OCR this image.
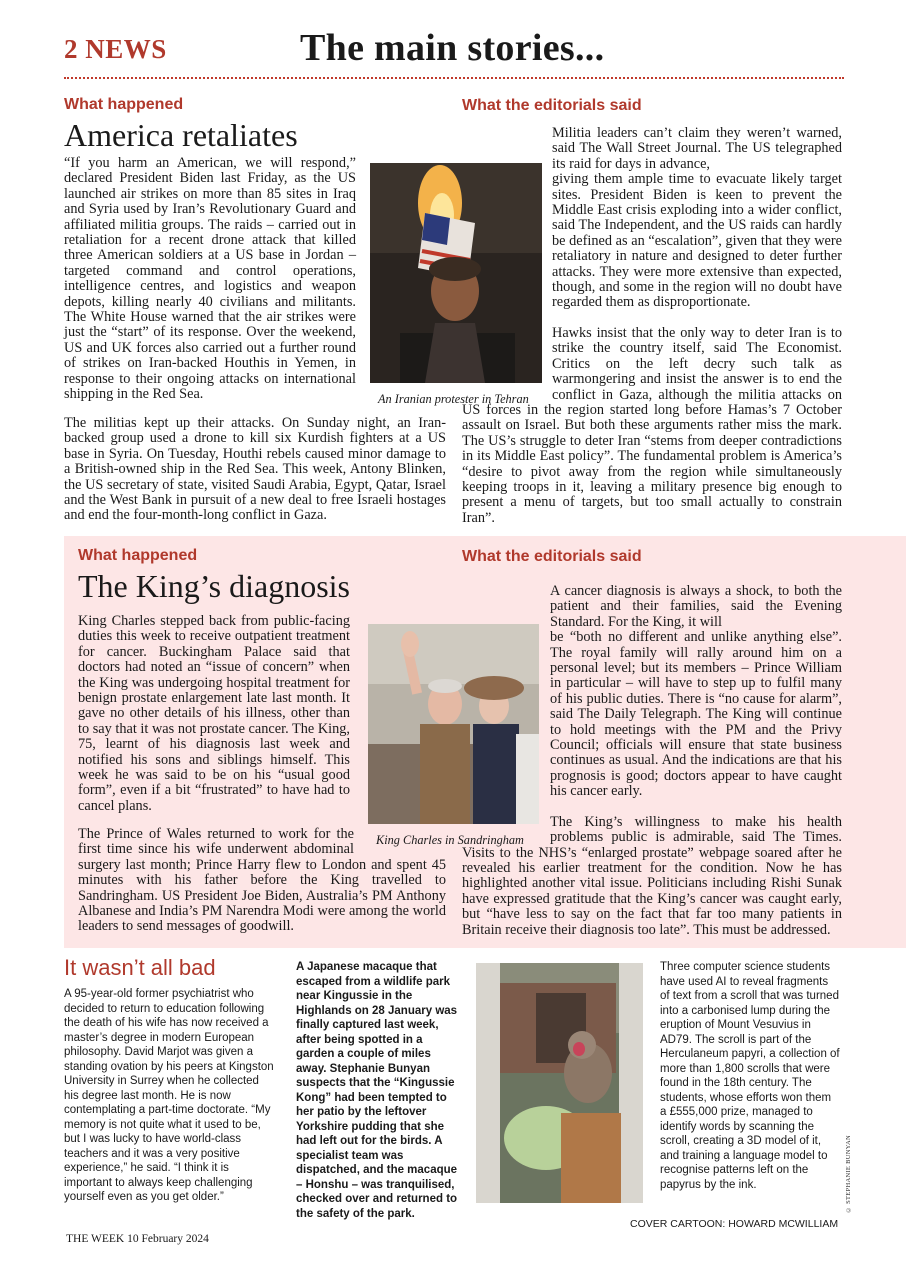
2 NEWS	The main stories...
What happened
America retaliates

“If you harm an American, we will respond,” declared President Biden last Friday, as the US launched air strikes on more than 85 sites in Iraq and Syria used by Iran’s Revolutionary Guard and affiliated militia groups. The raids – carried out in retaliation for a recent drone attack that killed three American soldiers at a US base in Jordan – targeted command and control operations, intelligence centres, and logistics and weapon depots, killing nearly 40 civilians and militants. The White House warned that the air strikes were just the “start” of its response. Over the weekend, US and UK forces also carried out a further round of strikes on Iran-backed Houthis in Yemen, in response to their ongoing attacks on international shipping in the Red Sea.

The militias kept up their attacks. On Sunday night, an Iran-backed group used a drone to kill six Kurdish fighters at a US base in Syria. On Tuesday, Houthi rebels caused minor damage to a British-owned ship in the Red Sea. This week, Antony Blinken, the US secretary of state, visited Saudi Arabia, Egypt, Qatar, Israel and the West Bank in pursuit of a new deal to free Israeli hostages and end the four-month-long conflict in Gaza.

What the editorials said

Militia leaders can’t claim they weren’t warned, said The Wall Street Journal. The US telegraphed its raid for days in advance,

giving them ample time to evacuate likely target sites. President Biden is keen to prevent the Middle East crisis exploding into a wider conflict, said The Independent, and the US raids can hardly be defined as an “escalation”, given that they were retaliatory in nature and designed to deter further attacks. They were more extensive than expected, though, and some in the region will no doubt have regarded them as disproportionate.

Hawks insist that the only way to deter Iran is to strike the country itself, said The Economist. Critics on the left decry such talk as warmongering and insist the answer is to end the conflict in Gaza, although the militia attacks on US forces in the region started long before Hamas’s 7 October assault on Israel. But both these arguments rather miss the mark. The US’s struggle to deter Iran “stems from deeper contradictions in its Middle East policy”. The fundamental problem is America’s “desire to pivot away from the region while simultaneously keeping troops in it, leaving a military presence big enough to present a menu of targets, but too small actually to constrain Iran”.

An Iranian protester in Tehran
What happened
The King’s diagnosis

King Charles stepped back from public-facing duties this week to receive outpatient treatment for cancer. Buckingham Palace said that doctors had noted an “issue of concern” when the King was undergoing hospital treatment for benign prostate enlargement late last month. It gave no other details of his illness, other than to say that it was not prostate cancer. The King, 75, learnt of his diagnosis last week and notified his sons and siblings himself. This week he was said to be on his “usual good form”, even if a bit “frustrated” to have had to cancel plans.

The Prince of Wales returned to work for the first time since his wife underwent abdominal surgery last month; Prince Harry flew to London and spent 45 minutes with his father before the King travelled to Sandringham. US President Joe Biden, Australia’s PM Anthony Albanese and India’s PM Narendra Modi were among the world leaders to send messages of goodwill.

What the editorials said

A cancer diagnosis is always a shock, to both the patient and their families, said the Evening Standard. For the King, it will

be “both no different and unlike anything else”. The royal family will rally around him on a personal level; but its members – Prince William in particular – will have to step up to fulfil many of his public duties. There is “no cause for alarm”, said The Daily Telegraph. The King will continue to hold meetings with the PM and the Privy Council; officials will ensure that state business continues as usual. And the indications are that his prognosis is good; doctors appear to have caught his cancer early.

The King’s willingness to make his health problems public is admirable, said The Times. Visits to the NHS’s “enlarged prostate” webpage soared after he revealed his earlier treatment for the condition. Now he has highlighted another vital issue. Politicians including Rishi Sunak have expressed gratitude that the King’s cancer was caught early, but “have less to say on the fact that far too many patients in Britain receive their diagnosis too late”. This must be addressed.

King Charles in Sandringham
It wasn’t all bad
A 95-year-old former psychiatrist who decided to return to education following the death of his wife has now received a master’s degree in modern European philosophy. David Marjot was given a standing ovation by his peers at Kingston University in Surrey when he collected his degree last month. He is now contemplating a part-time doctorate. “My memory is not quite what it used to be, but I was lucky to have world-class teachers and it was a very positive experience,” he said. “I think it is important to always keep challenging yourself even as you get older.”
A Japanese macaque that escaped from a wildlife park near Kingussie in the Highlands on 28 January was finally captured last week, after being spotted in a garden a couple of miles away. Stephanie Bunyan suspects that the “Kingussie Kong” had been tempted to her patio by the leftover Yorkshire pudding that she had left out for the birds. A specialist team was dispatched, and the macaque – Honshu – was tranquilised, checked over and returned to the safety of the park.
© STEPHANIE BUNYAN
Three computer science students have used AI to reveal fragments of text from a scroll that was turned into a carbonised lump during the eruption of Mount Vesuvius in AD79. The scroll is part of the Herculaneum papyri, a collection of more than 1,800 scrolls that were found in the 18th century. The students, whose efforts won them a £555,000 prize, managed to identify words by scanning the scroll, creating a 3D model of it, and training a language model to recognise patterns left on the papyrus by the ink.
THE WEEK 10 February 2024
COVER CARTOON: HOWARD MCWILLIAM
